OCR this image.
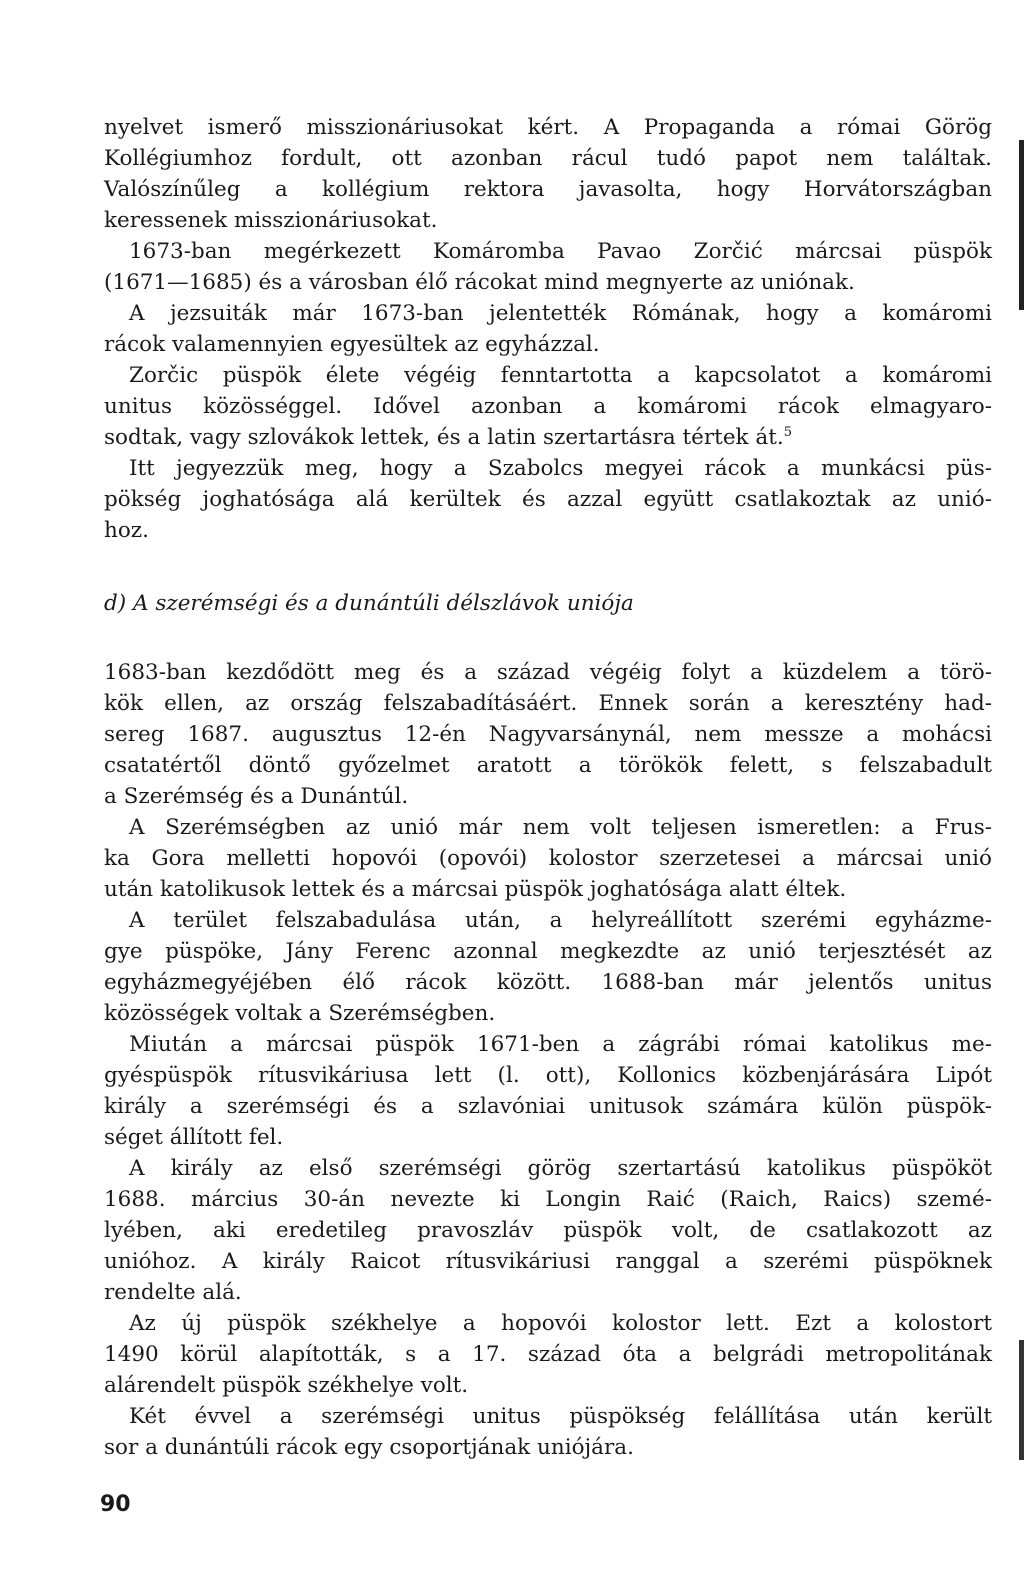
nyelvet ismerő misszionáriusokat kért. A Propaganda a római Görög
Kollégiumhoz fordult, ott azonban rácul tudó papot nem találtak.
Valószínűleg a kollégium rektora javasolta, hogy Horvátországban
keressenek misszionáriusokat.
1673-ban megérkezett Komáromba Pavao Zorčić márcsai püspök
(1671—1685) és a városban élő rácokat mind megnyerte az uniónak.
A jezsuiták már 1673-ban jelentették Rómának, hogy a komáromi
rácok valamennyien egyesültek az egyházzal.
Zorčic püspök élete végéig fenntartotta a kapcsolatot a komáromi
unitus közösséggel. Idővel azonban a komáromi rácok elmagyaro-
sodtak, vagy szlovákok lettek, és a latin szertartásra tértek át.$^5$
Itt jegyezzük meg, hogy a Szabolcs megyei rácok a munkácsi püs-
pökség joghatósága alá kerültek és azzal együtt csatlakoztak az unió-
hoz.
d) A szerémségi és a dunántúli délszlávok uniója
1683-ban kezdődött meg és a század végéig folyt a küzdelem a törö-
kök ellen, az ország felszabadításáért. Ennek során a keresztény had-
sereg 1687. augusztus 12-én Nagyvarsánynál, nem messze a mohácsi
csatatértől döntő győzelmet aratott a törökök felett, s felszabadult
a Szerémség és a Dunántúl.
A Szerémségben az unió már nem volt teljesen ismeretlen: a Frus-
ka Gora melletti hopovói (opovói) kolostor szerzetesei a márcsai unió
után katolikusok lettek és a márcsai püspök joghatósága alatt éltek.
A terület felszabadulása után, a helyreállított szerémi egyházme-
gye püspöke, Jány Ferenc azonnal megkezdte az unió terjesztését az
egyházmegyéjében élő rácok között. 1688-ban már jelentős unitus
közösségek voltak a Szerémségben.
Miután a márcsai püspök 1671-ben a zágrábi római katolikus me-
gyéspüspök rítusvikáriusa lett (l. ott), Kollonics közbenjárására Lipót
király a szerémségi és a szlavóniai unitusok számára külön püspök-
séget állított fel.
A király az első szerémségi görög szertartású katolikus püspököt
1688. március 30-án nevezte ki Longin Raić (Raich, Raics) szemé-
lyében, aki eredetileg pravoszláv püspök volt, de csatlakozott az
unióhoz. A király Raicot rítusvikáriusi ranggal a szerémi püspöknek
rendelte alá.
Az új püspök székhelye a hopovói kolostor lett. Ezt a kolostort
1490 körül alapították, s a 17. század óta a belgrádi metropolitának
alárendelt püspök székhelye volt.
Két évvel a szerémségi unitus püspökség felállítása után került
sor a dunántúli rácok egy csoportjának uniójára.
90
